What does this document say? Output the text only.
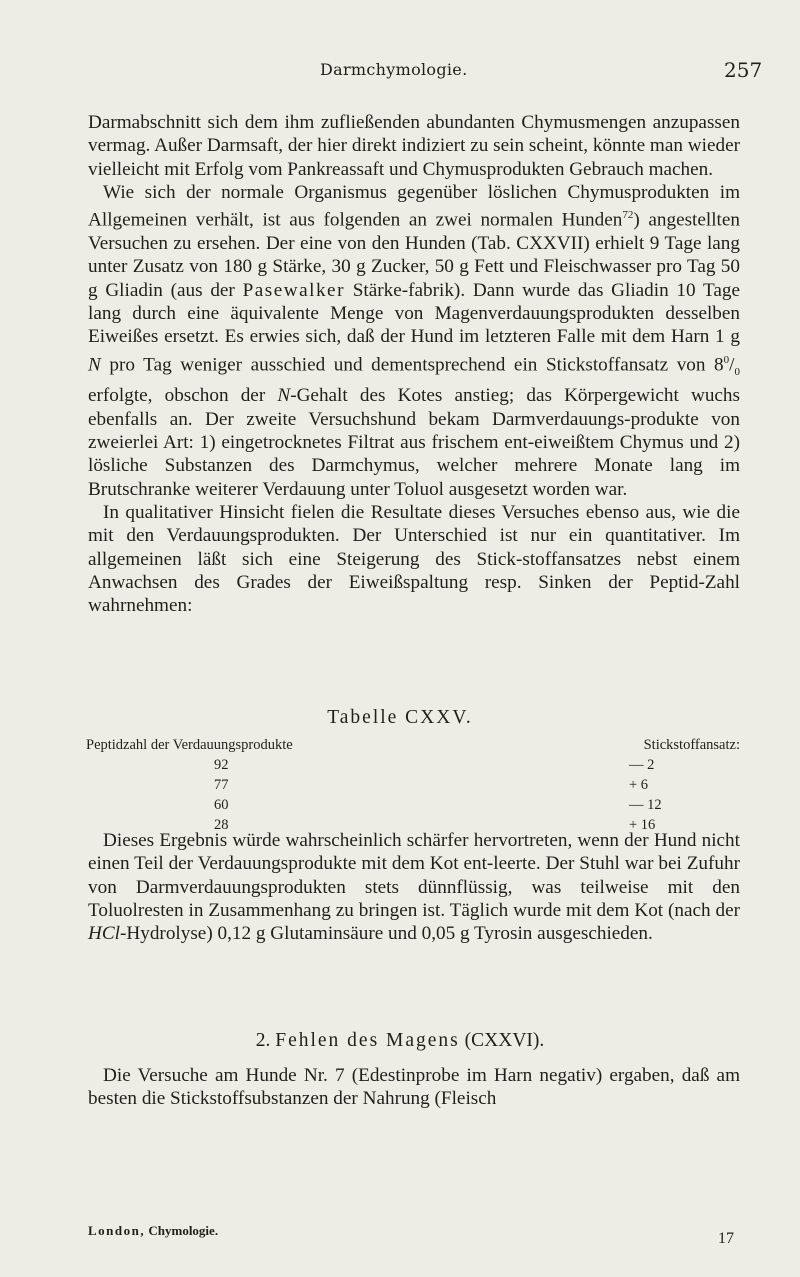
Darmchymologie.	257

Darmabschnitt sich dem ihm zufließenden abundanten Chymusmengen anzupassen vermag. Außer Darmsaft, der hier direkt indiziert zu sein scheint, könnte man wieder vielleicht mit Erfolg vom Pankreassaft und Chymusprodukten Gebrauch machen.

Wie sich der normale Organismus gegenüber löslichen Chymusprodukten im Allgemeinen verhält, ist aus folgenden an zwei normalen Hunden$^{72}$) angestellten Versuchen zu ersehen. Der eine von den Hunden (Tab. CXXVII) erhielt 9 Tage lang unter Zusatz von 180 g Stärke, 30 g Zucker, 50 g Fett und Fleischwasser pro Tag 50 g Gliadin (aus der Pasewalker Stärke-fabrik). Dann wurde das Gliadin 10 Tage lang durch eine äquivalente Menge von Magenverdauungsprodukten desselben Eiweißes ersetzt. Es erwies sich, daß der Hund im letzteren Falle mit dem Harn 1 g N pro Tag weniger ausschied und dementsprechend ein Stickstoffansatz von $8^0/_0$ erfolgte, obschon der N-Gehalt des Kotes anstieg; das Körpergewicht wuchs ebenfalls an. Der zweite Versuchshund bekam Darmverdauungs-produkte von zweierlei Art: 1) eingetrocknetes Filtrat aus frischem ent-eiweißtem Chymus und 2) lösliche Substanzen des Darmchymus, welcher mehrere Monate lang im Brutschranke weiterer Verdauung unter Toluol ausgesetzt worden war.

In qualitativer Hinsicht fielen die Resultate dieses Versuches ebenso aus, wie die mit den Verdauungsprodukten. Der Unterschied ist nur ein quantitativer. Im allgemeinen läßt sich eine Steigerung des Stick-stoffansatzes nebst einem Anwachsen des Grades der Eiweißspaltung resp. Sinken der Peptid-Zahl wahrnehmen:

Tabelle CXXV.
Peptidzahl der Verdauungsprodukte	Stickstoffansatz:
92	— 2
77	+ 6
60	— 12
28	+ 16

Dieses Ergebnis würde wahrscheinlich schärfer hervortreten, wenn der Hund nicht einen Teil der Verdauungsprodukte mit dem Kot ent-leerte. Der Stuhl war bei Zufuhr von Darmverdauungsprodukten stets dünnflüssig, was teilweise mit den Toluolresten in Zusammenhang zu bringen ist. Täglich wurde mit dem Kot (nach der HCl-Hydrolyse) 0,12 g Glutaminsäure und 0,05 g Tyrosin ausgeschieden.

2. Fehlen des Magens (CXXVI).

Die Versuche am Hunde Nr. 7 (Edestinprobe im Harn negativ) ergaben, daß am besten die Stickstoffsubstanzen der Nahrung (Fleisch

London, Chymologie.	17
